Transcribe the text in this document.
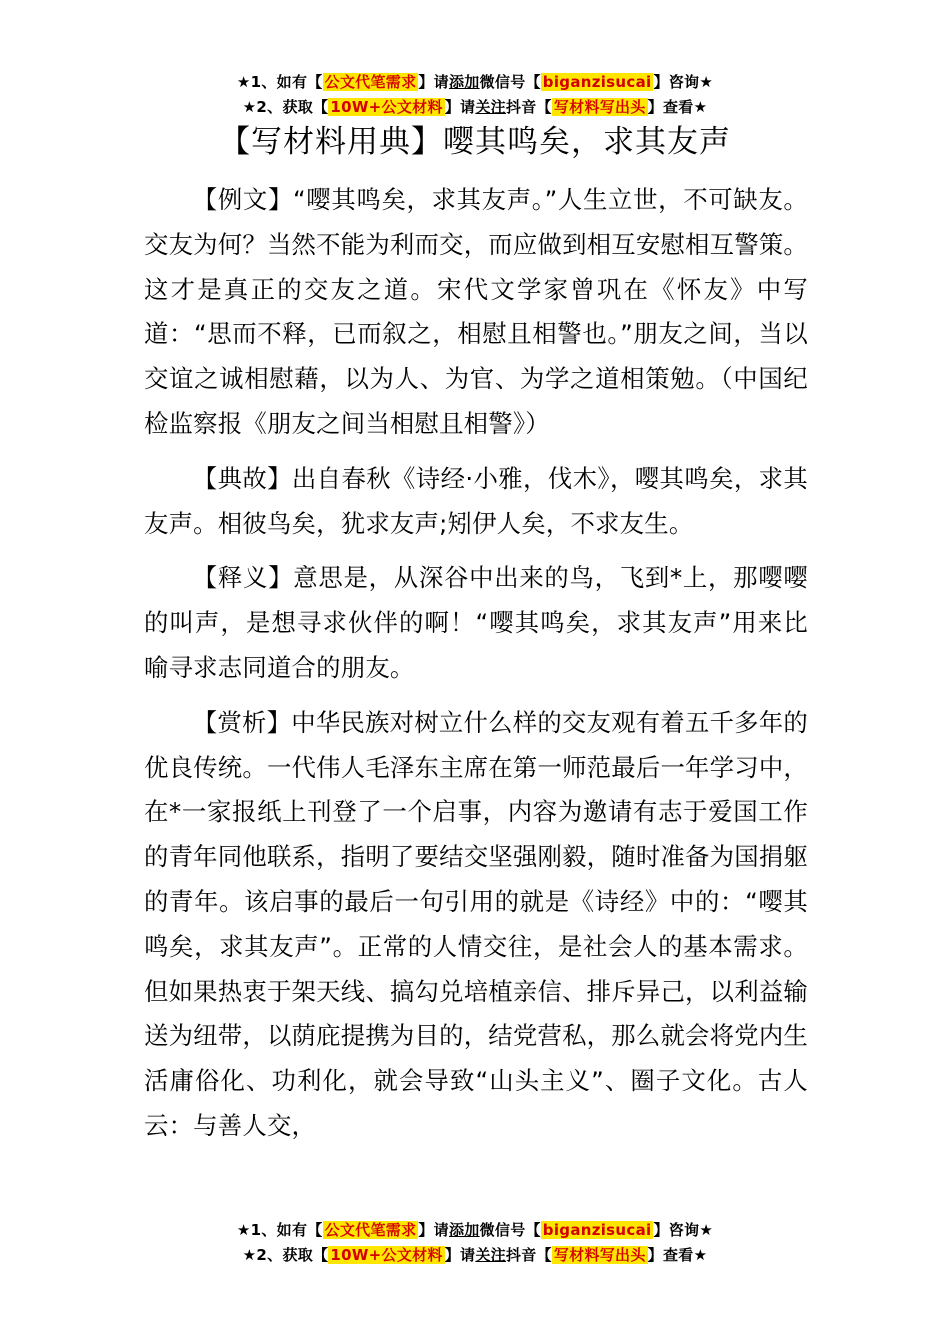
★1、如有【 公文代笔需求 】请添加微信号【 biganzisucai 】咨询★
★2、获取【 10W+公文材料 】请关注抖音【 写材料写出头 】查看★
【写材料用典】嘤其鸣矣，求其友声

【例文】“嘤其鸣矣，求其友声。”人生立世，不可缺友。交友为何？当然不能为利而交，而应做到相互安慰相互警策。这才是真正的交友之道。宋代文学家曾巩在《怀友》中写道：“思而不释，已而叙之，相慰且相警也。”朋友之间，当以交谊之诚相慰藉，以为人、为官、为学之道相策勉。（中国纪检监察报《朋友之间当相慰且相警》）

【典故】出自春秋《诗经·小雅，伐木》，嘤其鸣矣，求其友声。相彼鸟矣，犹求友声;矧伊人矣，不求友生。

【释义】意思是，从深谷中出来的鸟，飞到*上，那嘤嘤的叫声，是想寻求伙伴的啊！“嘤其鸣矣，求其友声”用来比喻寻求志同道合的朋友。

【赏析】中华民族对树立什么样的交友观有着五千多年的优良传统。一代伟人毛泽东主席在第一师范最后一年学习中，在*一家报纸上刊登了一个启事，内容为邀请有志于爱国工作的青年同他联系，指明了要结交坚强刚毅，随时准备为国捐躯的青年。该启事的最后一句引用的就是《诗经》中的：“嘤其鸣矣，求其友声”。正常的人情交往，是社会人的基本需求。但如果热衷于架天线、搞勾兑培植亲信、排斥异己，以利益输送为纽带，以荫庇提携为目的，结党营私，那么就会将党内生活庸俗化、功利化，就会导致“山头主义”、圈子文化。古人云：与善人交，

★1、如有【 公文代笔需求 】请添加微信号【 biganzisucai 】咨询★
★2、获取【 10W+公文材料 】请关注抖音【 写材料写出头 】查看★
